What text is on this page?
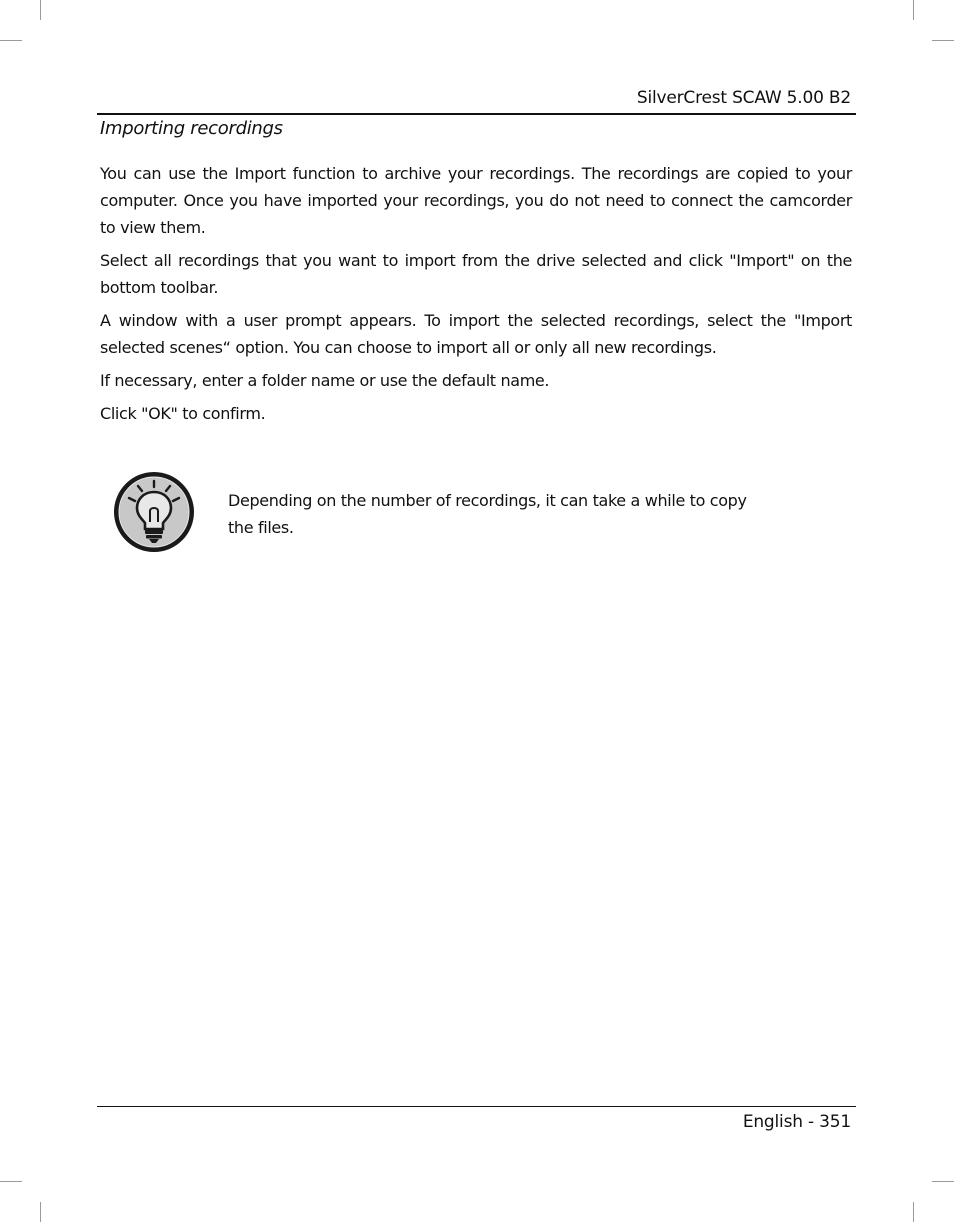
SilverCrest SCAW 5.00 B2
Importing recordings

You can use the Import function to archive your recordings. The recordings are copied to your computer. Once you have imported your recordings, you do not need to connect the camcorder to view them.

Select all recordings that you want to import from the drive selected and click "Import" on the bottom toolbar.

A window with a user prompt appears. To import the selected recordings, select the "Import selected scenes“ option. You can choose to import all or only all new recordings.

If necessary, enter a folder name or use the default name.

Click "OK" to confirm.

Depending on the number of recordings, it can take a while to copy
the files.
English - 351
